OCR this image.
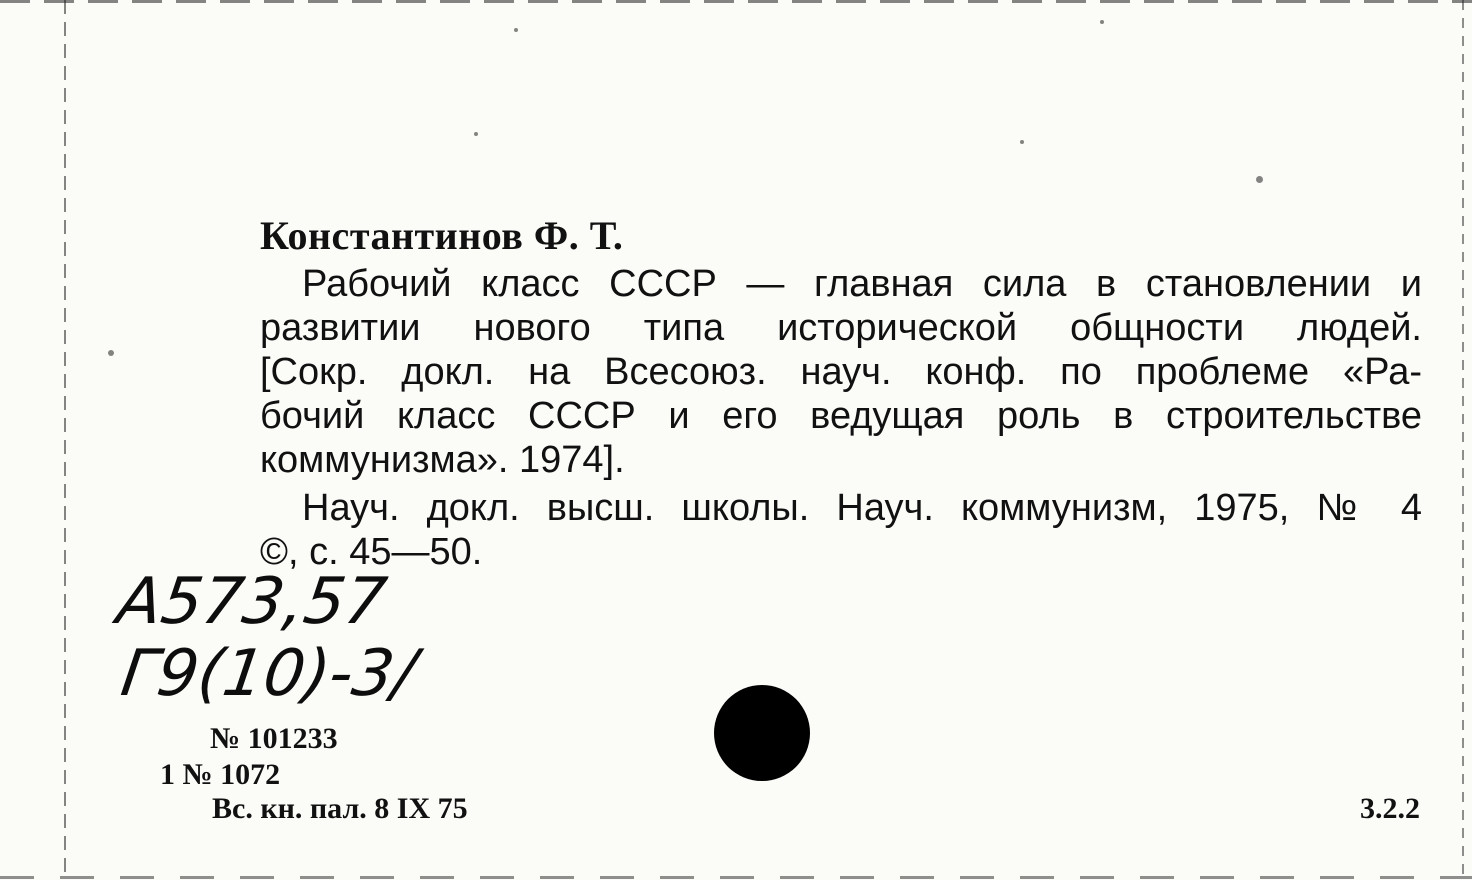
Константинов Ф. Т.
Рабочий класс СССР — главная сила в становлении и
развитии нового типа исторической общности людей.
[Сокр. докл. на Всесоюз. науч. конф. по проблеме «Ра-
бочий класс СССР и его ведущая роль в строительстве
коммунизма». 1974].
Науч. докл. высш. школы. Науч. коммунизм, 1975, № 4
©, с. 45—50.
А573,57
Г9(10)-3/
№ 101233
1 № 1072
Вс. кн. пал. 8 IX 75	3.2.2
